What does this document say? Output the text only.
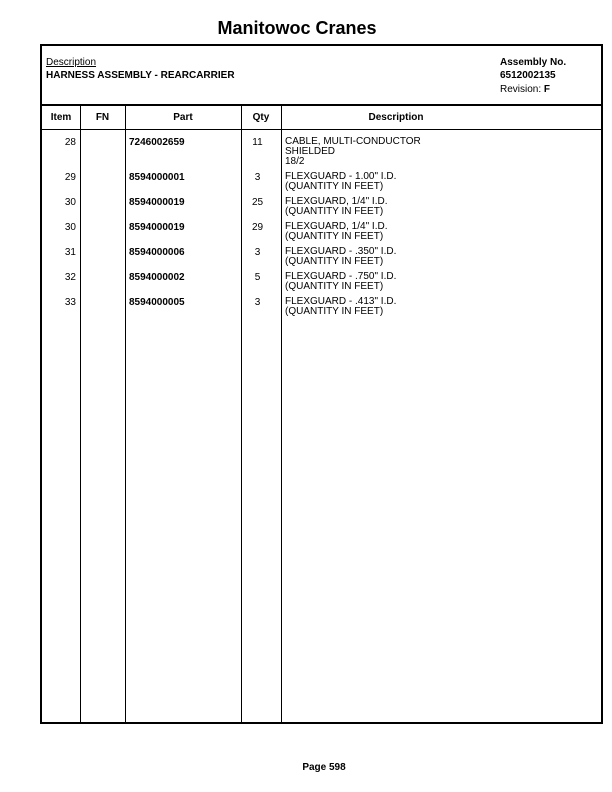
Manitowoc Cranes
Description
HARNESS ASSEMBLY - REARCARRIER
Assembly No.
6512002135
Revision: F
Item	FN	Part	Qty	Description
28	7246002659	11	CABLE, MULTI-CONDUCTOR
SHIELDED
18/2
29	8594000001	3	FLEXGUARD - 1.00" I.D.
(QUANTITY IN FEET)
30	8594000019	25	FLEXGUARD, 1/4" I.D.
(QUANTITY IN FEET)
30	8594000019	29	FLEXGUARD, 1/4" I.D.
(QUANTITY IN FEET)
31	8594000006	3	FLEXGUARD - .350" I.D.
(QUANTITY IN FEET)
32	8594000002	5	FLEXGUARD - .750" I.D.
(QUANTITY IN FEET)
33	8594000005	3	FLEXGUARD - .413" I.D.
(QUANTITY IN FEET)
Page 598
